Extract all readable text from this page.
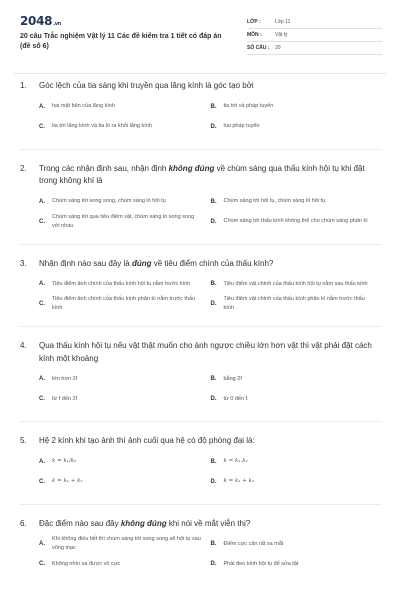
2048.vn
20 câu Trắc nghiệm Vật lý 11 Các đề kiểm tra 1 tiết có đáp án (đề số 6)
LỚP :	Lớp 11
MÔN :	Vật lý
SỐ CÂU :	20
1.	Góc lệch của tia sáng khi truyền qua lăng kính là góc tạo bởi
A.	hai mặt bên của lăng kính	B.	tia tới và pháp tuyến
C.	tia tới lăng kính và tia ló ra khỏi lăng kính	D.	hai pháp tuyến
2.	Trong các nhận định sau, nhận định không đúng về chùm sáng qua thấu kính hội tụ khi đặt trong không khí là
A.	Chùm sáng tới song song, chùm sáng ló hội tụ	B.	Chùm sáng tới hội tụ, chùm sáng ló hội tụ
C.
Chùm sáng tới qua tiêu điểm vật, chùm sáng ló song song với nhau
D.	Chùm sáng tới thấu kính không thể cho chùm sáng phân kì
3.	Nhận định nào sau đây là đúng về tiêu điểm chính của thấu kính?
A.	Tiêu điểm ảnh chính của thấu kính hội tụ nằm trước kính	B.	Tiêu điểm vật chính của thấu kính hội tụ nằm sau thấu kính
C.
Tiêu điểm ảnh chính của thấu kính phân kì nằm trước thấu kính
D.
Tiêu điểm vật chính của thấu kính phân kì nằm trước thấu kính
4.	Qua thấu kính hội tụ nếu vật thật muốn cho ảnh ngược chiều lớn hơn vật thì vật phải đặt cách kính một khoảng
A.	lớn hơn 2f	B.	bằng 2f
C.	từ f đến 2f	D.	từ 0 đến f.
5.	Hệ 2 kính khi tạo ảnh thì ảnh cuối qua hệ có độ phóng đại là:
A.	k = k₁/k₂	B.	k = k₁.k₂
C.	k = k₁ + k₂	D.	k = k₁ + k₂
6.	Đặc điểm nào sau đây không đúng khi nói về mắt viễn thị?
A.
Khi không điều tiết thì chùm sáng tới song song sẽ hội tụ sau võng mạc
B.	Điểm cực cận rất xa mắt
C.	Không nhìn xa được vô cực	D.	Phải đeo kính hội tụ để sửa tật
